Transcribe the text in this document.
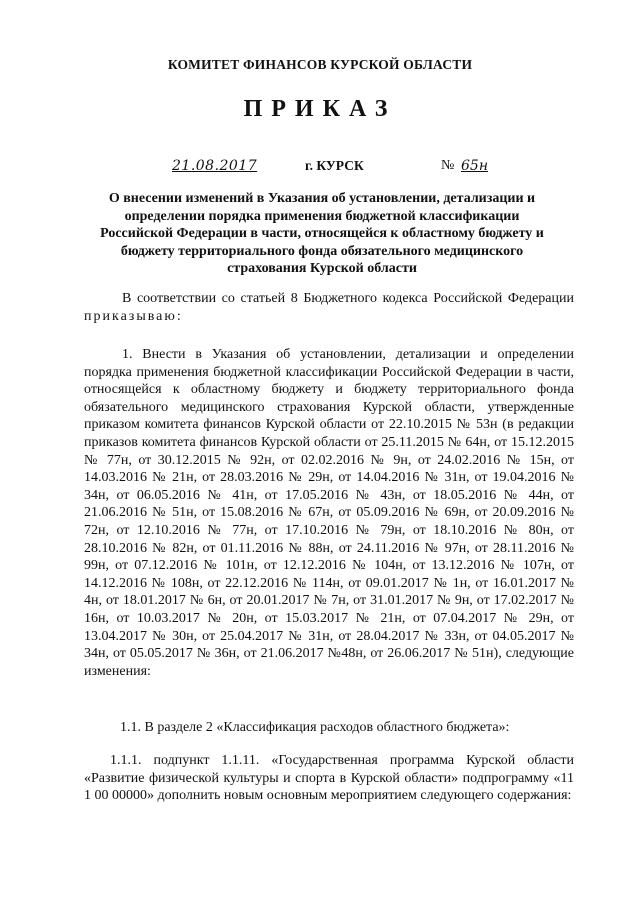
КОМИТЕТ ФИНАНСОВ КУРСКОЙ ОБЛАСТИ
ПРИКАЗ
21.08.2017	г. КУРСК	№ 65н
О внесении изменений в Указания об установлении, детализации и определении порядка применения бюджетной классификации Российской Федерации в части, относящейся к областному бюджету и бюджету территориального фонда обязательного медицинского страхования Курской области
В соответствии со статьей 8 Бюджетного кодекса Российской Федерации приказываю:
1. Внести в Указания об установлении, детализации и определении порядка применения бюджетной классификации Российской Федерации в части, относящейся к областному бюджету и бюджету территориального фонда обязательного медицинского страхования Курской области, утвержденные приказом комитета финансов Курской области от 22.10.2015 № 53н (в редакции приказов комитета финансов Курской области от 25.11.2015 № 64н, от 15.12.2015 № 77н, от 30.12.2015 № 92н, от 02.02.2016 № 9н, от 24.02.2016 № 15н, от 14.03.2016 № 21н, от 28.03.2016 № 29н, от 14.04.2016 № 31н, от 19.04.2016 № 34н, от 06.05.2016 № 41н, от 17.05.2016 № 43н, от 18.05.2016 № 44н, от 21.06.2016 № 51н, от 15.08.2016 № 67н, от 05.09.2016 № 69н, от 20.09.2016 № 72н, от 12.10.2016 № 77н, от 17.10.2016 № 79н, от 18.10.2016 № 80н, от 28.10.2016 № 82н, от 01.11.2016 № 88н, от 24.11.2016 № 97н, от 28.11.2016 № 99н, от 07.12.2016 № 101н, от 12.12.2016 № 104н, от 13.12.2016 № 107н, от 14.12.2016 № 108н, от 22.12.2016 № 114н, от 09.01.2017 № 1н, от 16.01.2017 № 4н, от 18.01.2017 № 6н, от 20.01.2017 № 7н, от 31.01.2017 № 9н, от 17.02.2017 № 16н, от 10.03.2017 № 20н, от 15.03.2017 № 21н, от 07.04.2017 № 29н, от 13.04.2017 № 30н, от 25.04.2017 № 31н, от 28.04.2017 № 33н, от 04.05.2017 № 34н, от 05.05.2017 № 36н, от 21.06.2017 №48н, от 26.06.2017 № 51н), следующие изменения:
1.1. В разделе 2 «Классификация расходов областного бюджета»:
1.1.1. подпункт 1.1.11. «Государственная программа Курской области «Развитие физической культуры и спорта в Курской области» подпрограмму «11 1 00 00000» дополнить новым основным мероприятием следующего содержания:
